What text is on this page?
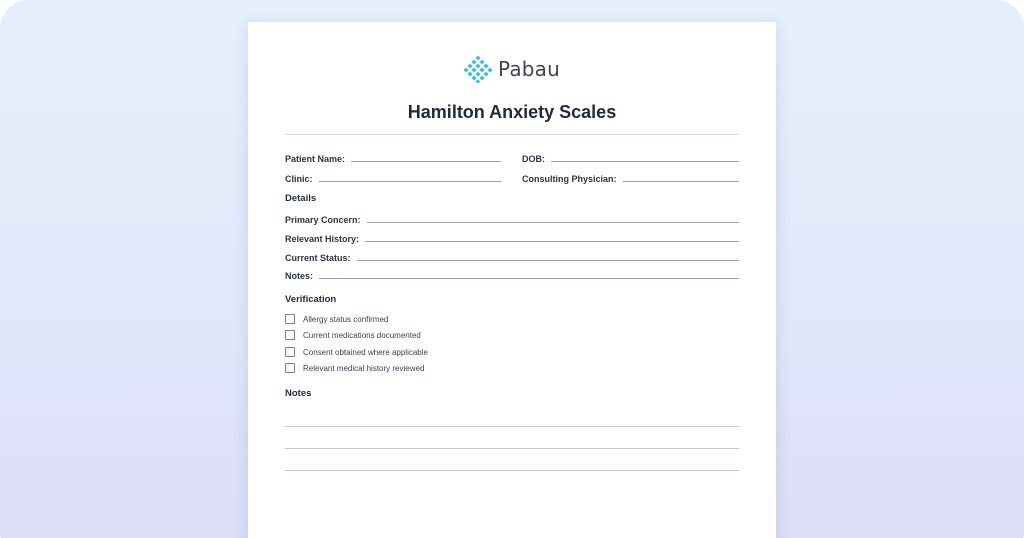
Pabau
Hamilton Anxiety Scales
Patient Name:	DOB:
Clinic:	Consulting Physician:
Details
Primary Concern:
Relevant History:
Current Status:
Notes:
Verification
Allergy status confirmed
Current medications documented
Consent obtained where applicable
Relevant medical history reviewed
Notes
